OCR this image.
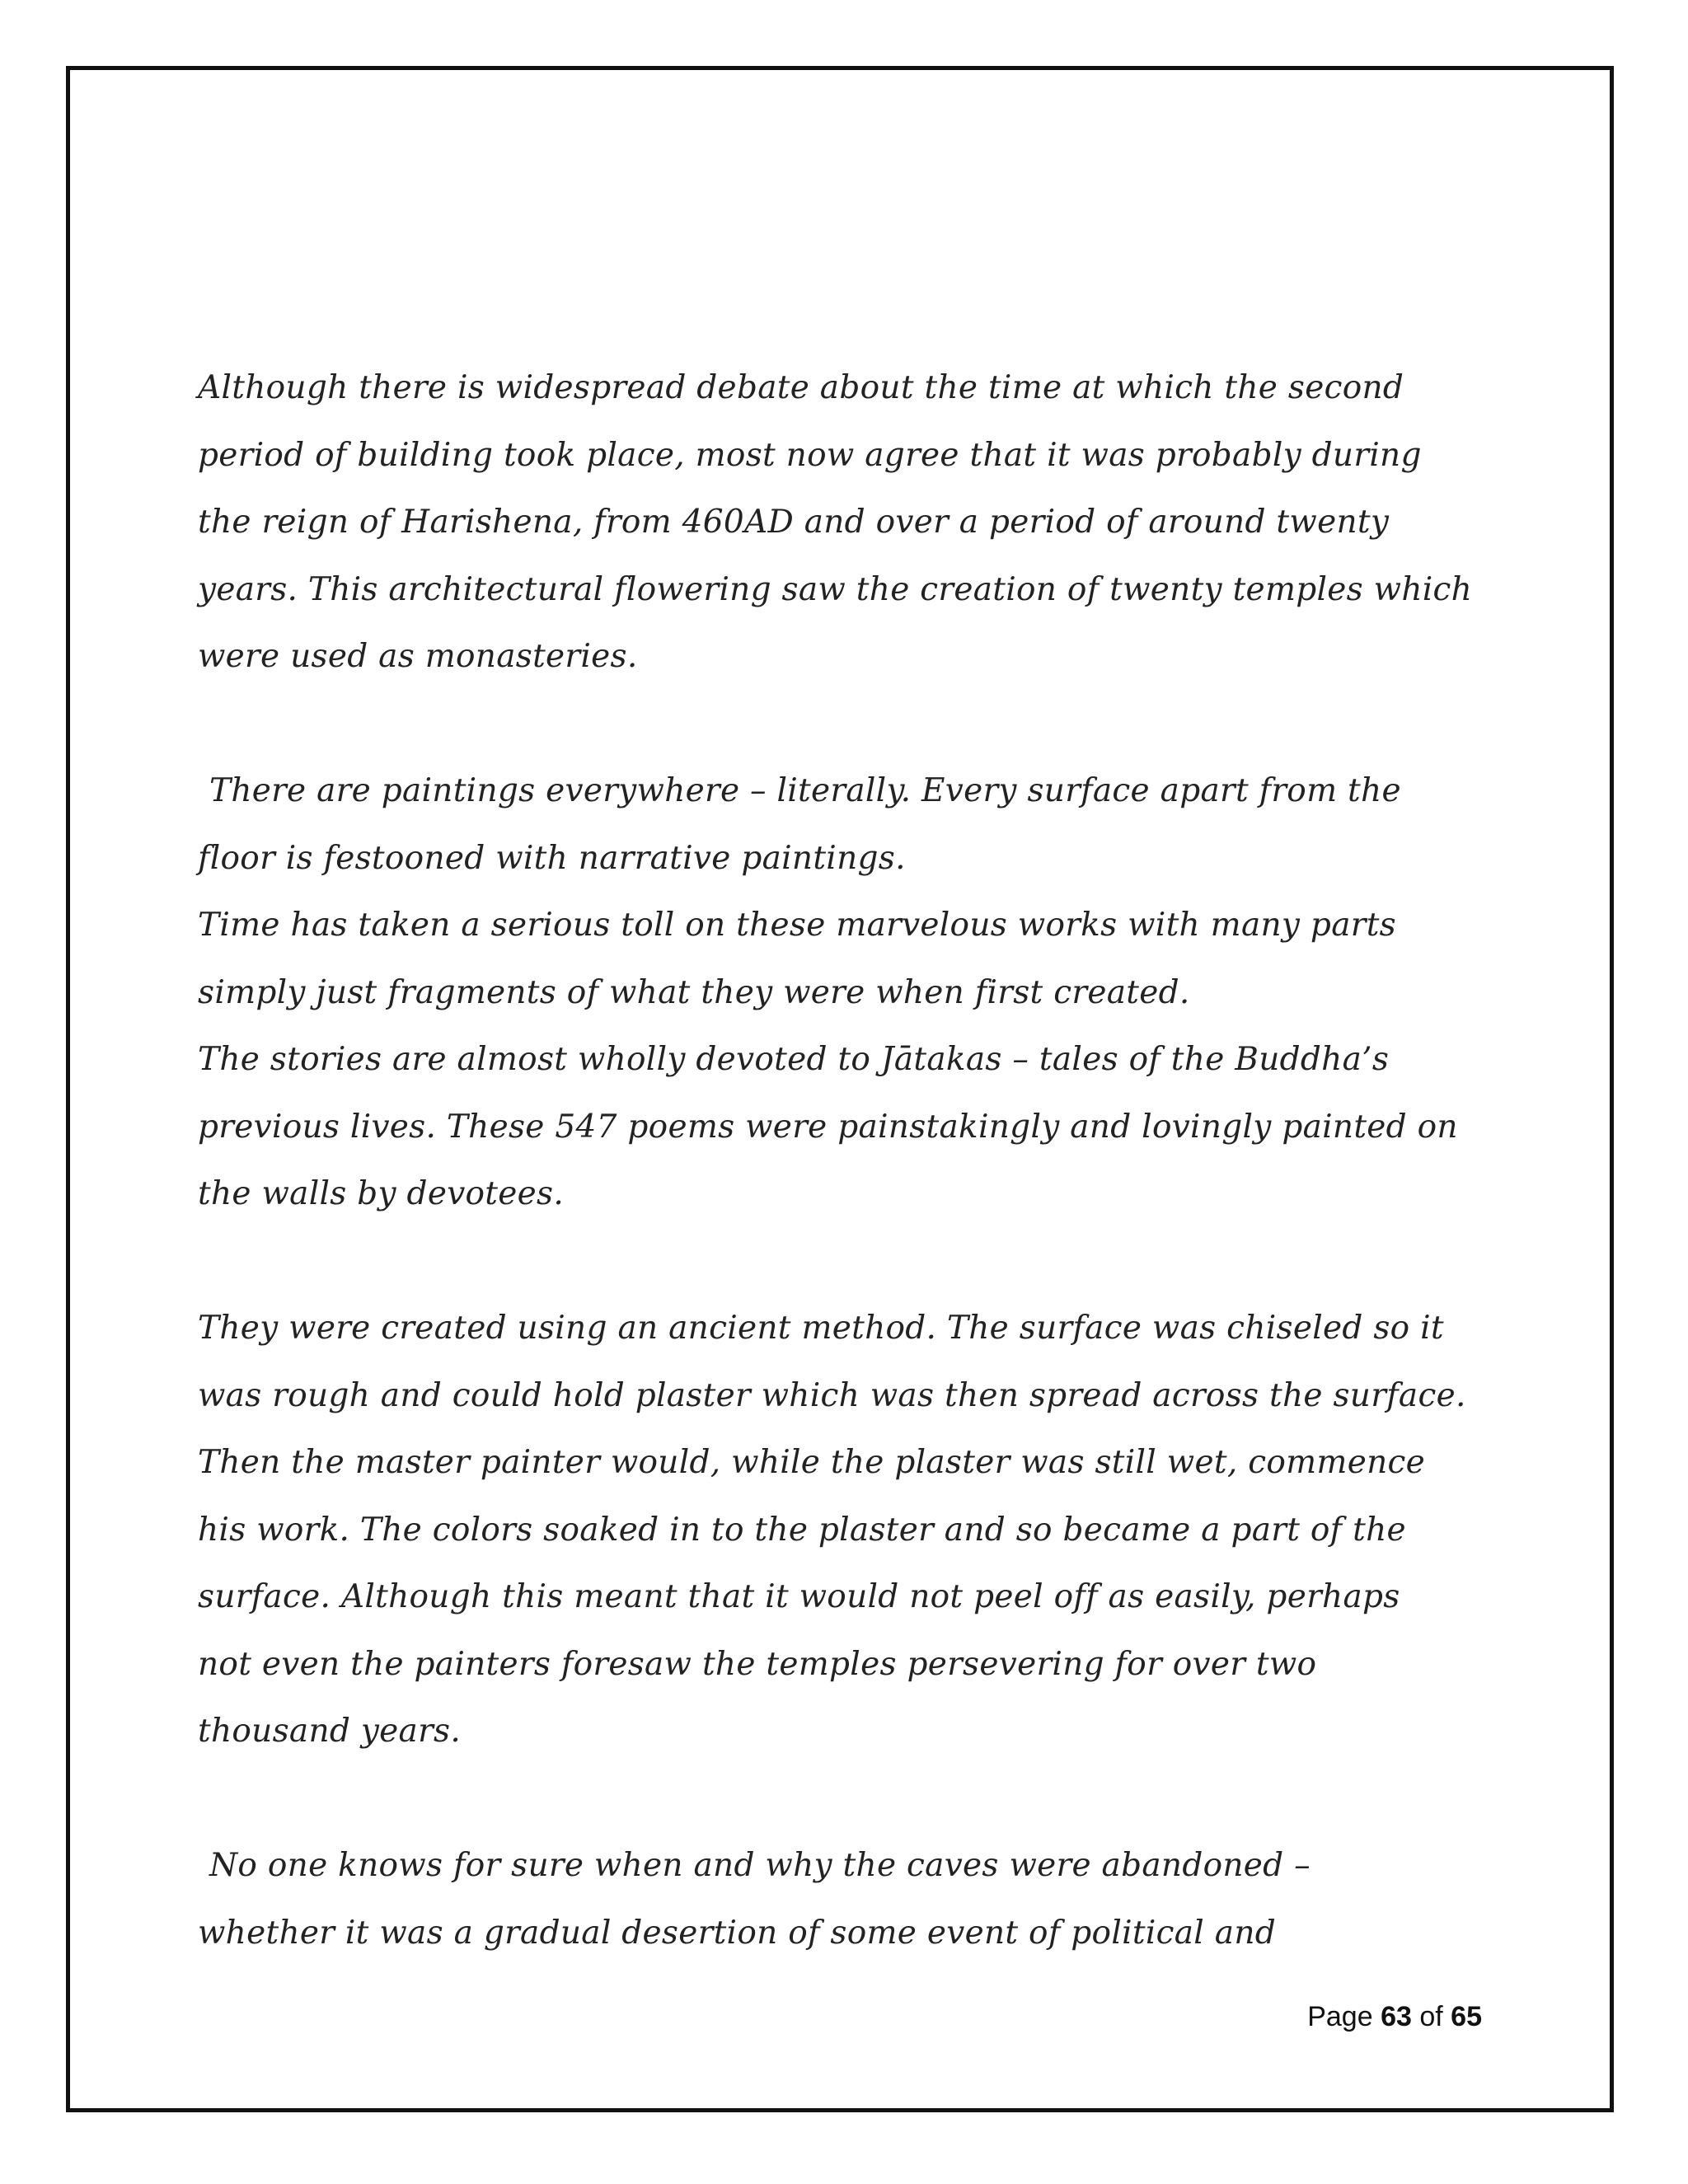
Although there is widespread debate about the time at which the second
period of building took place, most now agree that it was probably during
the reign of Harishena, from 460AD and over a period of around twenty
years. This architectural flowering saw the creation of twenty temples which
were used as monasteries.
There are paintings everywhere – literally. Every surface apart from the
floor is festooned with narrative paintings.
Time has taken a serious toll on these marvelous works with many parts
simply just fragments of what they were when first created.
The stories are almost wholly devoted to Jātakas – tales of the Buddha’s
previous lives. These 547 poems were painstakingly and lovingly painted on
the walls by devotees.
They were created using an ancient method. The surface was chiseled so it
was rough and could hold plaster which was then spread across the surface.
Then the master painter would, while the plaster was still wet, commence
his work. The colors soaked in to the plaster and so became a part of the
surface. Although this meant that it would not peel off as easily, perhaps
not even the painters foresaw the temples persevering for over two
thousand years.
No one knows for sure when and why the caves were abandoned –
whether it was a gradual desertion of some event of political and
Page 63 of 65
